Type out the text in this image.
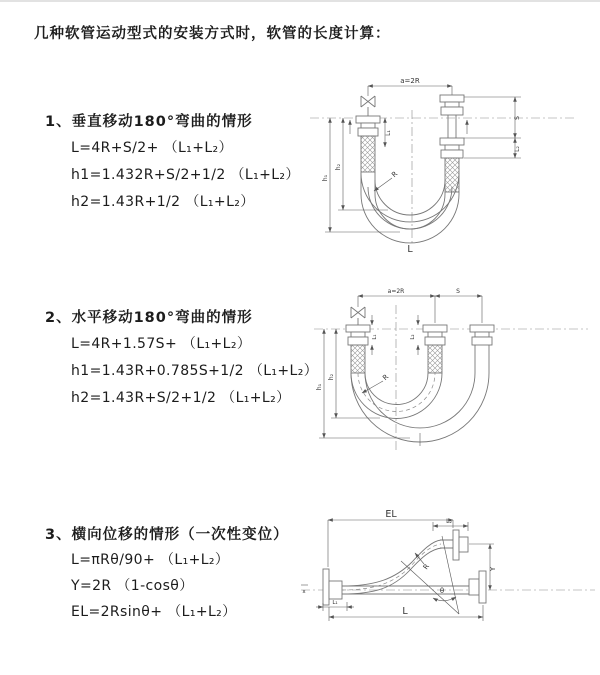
几种软管运动型式的安装方式时，软管的长度计算：
1、垂直移动180°弯曲的情形
L=4R+S/2+ （L₁+L₂）
h1=1.432R+S/2+1/2 （L₁+L₂）
h2=1.43R+1/2 （L₁+L₂）
2、水平移动180°弯曲的情形
L=4R+1.57S+ （L₁+L₂）
h1=1.43R+0.785S+1/2 （L₁+L₂）
h2=1.43R+S/2+1/2 （L₁+L₂）
3、横向位移的情形（一次性变位）
L=πRθ/90+ （L₁+L₂）
Y=2R （1-cosθ）
EL=2Rsinθ+ （L₁+L₂）
a=2R
h₁
h₂
L₁
S
L₂
R
L
a=2R	S
h₁
h₂
L₁	L₂
R
x
EL
L₂
Y
θ
R
L₁
L
